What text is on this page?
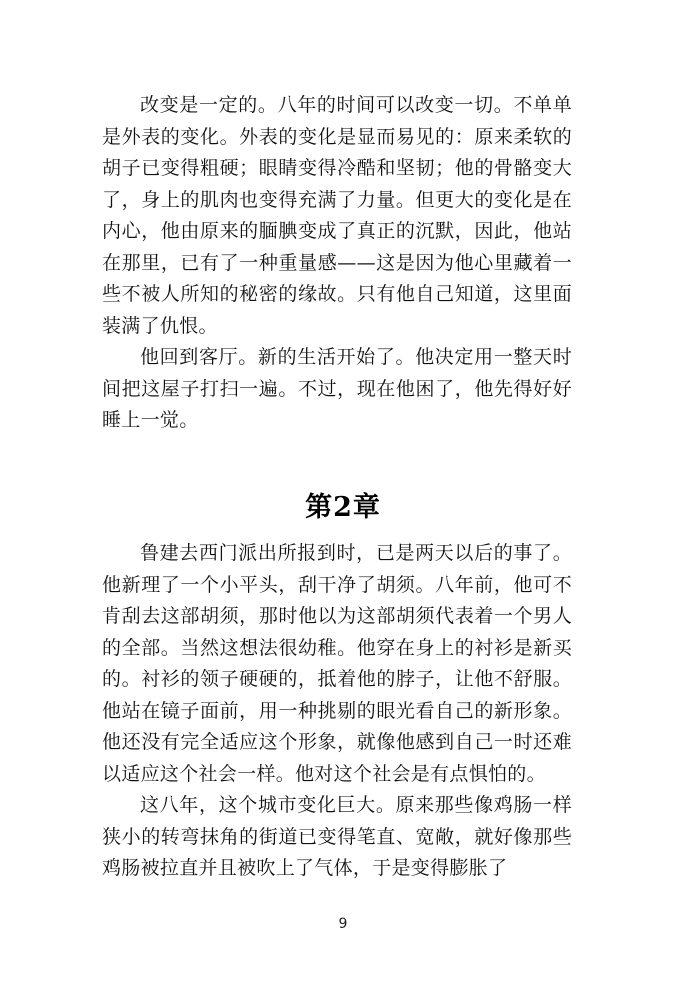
改变是一定的。八年的时间可以改变一切。不单单是外表的变化。外表的变化是显而易见的：原来柔软的胡子已变得粗硬；眼睛变得冷酷和坚韧；他的骨骼变大了，身上的肌肉也变得充满了力量。但更大的变化是在内心，他由原来的腼腆变成了真正的沉默，因此，他站在那里，已有了一种重量感——这是因为他心里藏着一些不被人所知的秘密的缘故。只有他自己知道，这里面装满了仇恨。

他回到客厅。新的生活开始了。他决定用一整天时间把这屋子打扫一遍。不过，现在他困了，他先得好好睡上一觉。

第2章

鲁建去西门派出所报到时，已是两天以后的事了。他新理了一个小平头，刮干净了胡须。八年前，他可不肯刮去这部胡须，那时他以为这部胡须代表着一个男人的全部。当然这想法很幼稚。他穿在身上的衬衫是新买的。衬衫的领子硬硬的，抵着他的脖子，让他不舒服。他站在镜子面前，用一种挑剔的眼光看自己的新形象。他还没有完全适应这个形象，就像他感到自己一时还难以适应这个社会一样。他对这个社会是有点惧怕的。

这八年，这个城市变化巨大。原来那些像鸡肠一样狭小的转弯抹角的街道已变得笔直、宽敞，就好像那些鸡肠被拉直并且被吹上了气体，于是变得膨胀了

9
